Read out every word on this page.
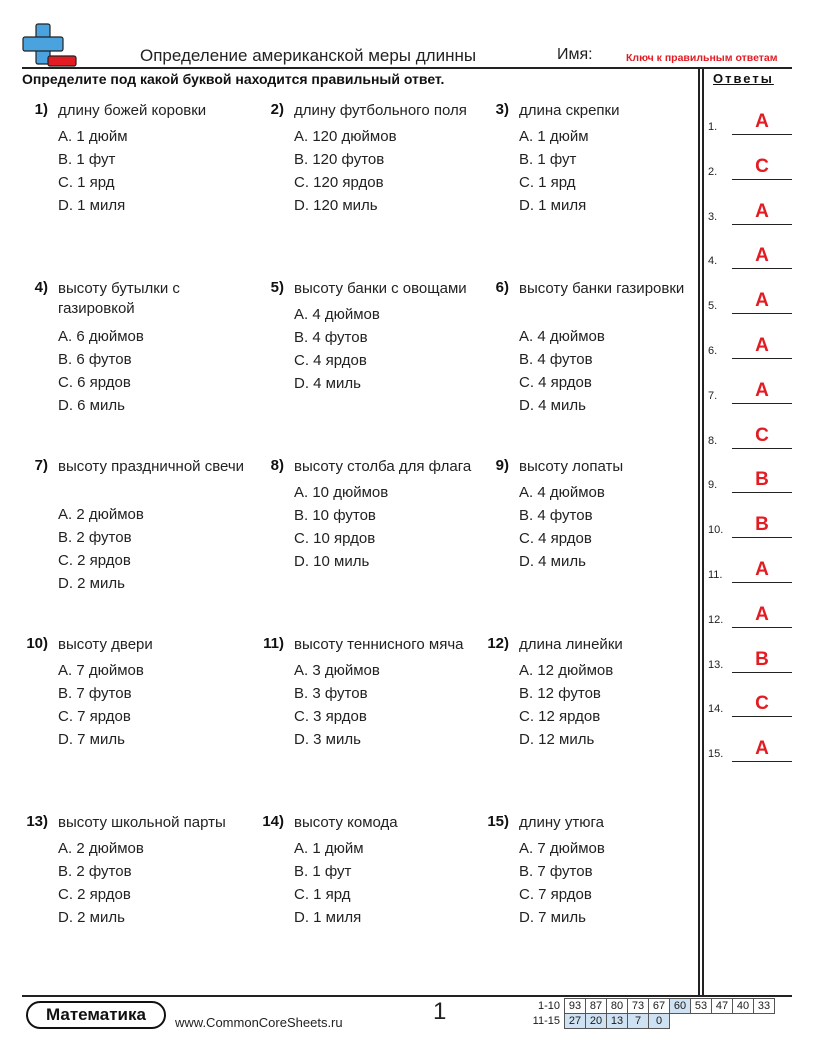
Определение американской меры длинны	Имя:	Ключ к правильным ответам
Определите под какой буквой находится правильный ответ.
1) длину божей коровки
A. 1 дюйм
B. 1 фут
C. 1 ярд
D. 1 миля
2) длину футбольного поля
A. 120 дюймов
B. 120 футов
C. 120 ярдов
D. 120 миль
3) длина скрепки
A. 1 дюйм
B. 1 фут
C. 1 ярд
D. 1 миля
4) высоту бутылки с газировкой
A. 6 дюймов
B. 6 футов
C. 6 ярдов
D. 6 миль
5) высоту банки с овощами
A. 4 дюймов
B. 4 футов
C. 4 ярдов
D. 4 миль
6) высоту банки газировки
A. 4 дюймов
B. 4 футов
C. 4 ярдов
D. 4 миль
7) высоту праздничной свечи
A. 2 дюймов
B. 2 футов
C. 2 ярдов
D. 2 миль
8) высоту столба для флага
A. 10 дюймов
B. 10 футов
C. 10 ярдов
D. 10 миль
9) высоту лопаты
A. 4 дюймов
B. 4 футов
C. 4 ярдов
D. 4 миль
10) высоту двери
A. 7 дюймов
B. 7 футов
C. 7 ярдов
D. 7 миль
11) высоту теннисного мяча
A. 3 дюймов
B. 3 футов
C. 3 ярдов
D. 3 миль
12) длина линейки
A. 12 дюймов
B. 12 футов
C. 12 ярдов
D. 12 миль
13) высоту школьной парты
A. 2 дюймов
B. 2 футов
C. 2 ярдов
D. 2 миль
14) высоту комода
A. 1 дюйм
B. 1 фут
C. 1 ярд
D. 1 миля
15) длину утюга
A. 7 дюймов
B. 7 футов
C. 7 ярдов
D. 7 миль
Ответы
1.	A
2.	C
3.	A
4.	A
5.	A
6.	A
7.	A
8.	C
9.	B
10.	B
11.	A
12.	A
13.	B
14.	C
15.	A
Математика	www.CommonCoreSheets.ru	1	1-10	93	87	80	73	67	60	53	47	40	33
11-15	27	20	13	7	0					
